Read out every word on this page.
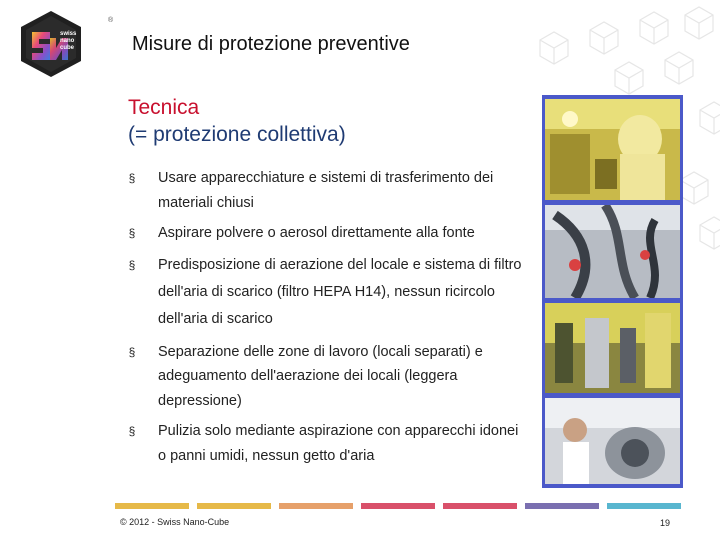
swiss
nano
cube
®
Misure di protezione preventive
Tecnica
(= protezione collettiva)
§	Usare apparecchiature e sistemi di trasferimento dei materiali chiusi
§	Aspirare polvere o aerosol direttamente alla fonte
§	Predisposizione di aerazione del locale e sistema di filtro dell'aria di scarico (filtro HEPA H14), nessun ricircolo dell'aria di scarico
§	Separazione delle zone di lavoro (locali separati) e adeguamento dell'aerazione dei locali (leggera depressione)
§	Pulizia solo mediante aspirazione con apparecchi idonei o panni umidi, nessun getto d'aria
© 2012 - Swiss Nano-Cube	19
